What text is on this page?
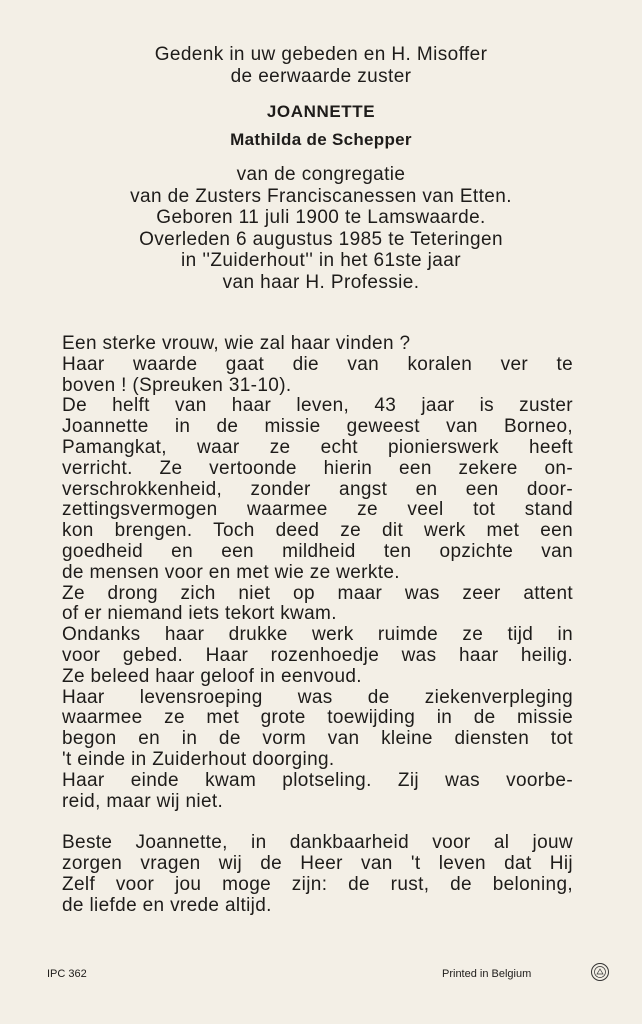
Gedenk in uw gebeden en H. Misoffer
de eerwaarde zuster
JOANNETTE
Mathilda de Schepper
van de congregatie
van de Zusters Franciscanessen van Etten.
Geboren 11 juli 1900 te Lamswaarde.
Overleden 6 augustus 1985 te Teteringen
in ''Zuiderhout'' in het 61ste jaar
van haar H. Professie.
Een sterke vrouw, wie zal haar vinden ?
Haar waarde gaat die van koralen ver te
boven ! (Spreuken 31-10).
De helft van haar leven, 43 jaar is zuster
Joannette in de missie geweest van Borneo,
Pamangkat, waar ze echt pionierswerk heeft
verricht. Ze vertoonde hierin een zekere on-
verschrokkenheid, zonder angst en een door-
zettingsvermogen waarmee ze veel tot stand
kon brengen. Toch deed ze dit werk met een
goedheid en een mildheid ten opzichte van
de mensen voor en met wie ze werkte.
Ze drong zich niet op maar was zeer attent
of er niemand iets tekort kwam.
Ondanks haar drukke werk ruimde ze tijd in
voor gebed. Haar rozenhoedje was haar heilig.
Ze beleed haar geloof in eenvoud.
Haar levensroeping was de ziekenverpleging
waarmee ze met grote toewijding in de missie
begon en in de vorm van kleine diensten tot
't einde in Zuiderhout doorging.
Haar einde kwam plotseling. Zij was voorbe-
reid, maar wij niet.
Beste Joannette, in dankbaarheid voor al jouw
zorgen vragen wij de Heer van 't leven dat Hij
Zelf voor jou moge zijn: de rust, de beloning,
de liefde en vrede altijd.
IPC 362	Printed in Belgium
